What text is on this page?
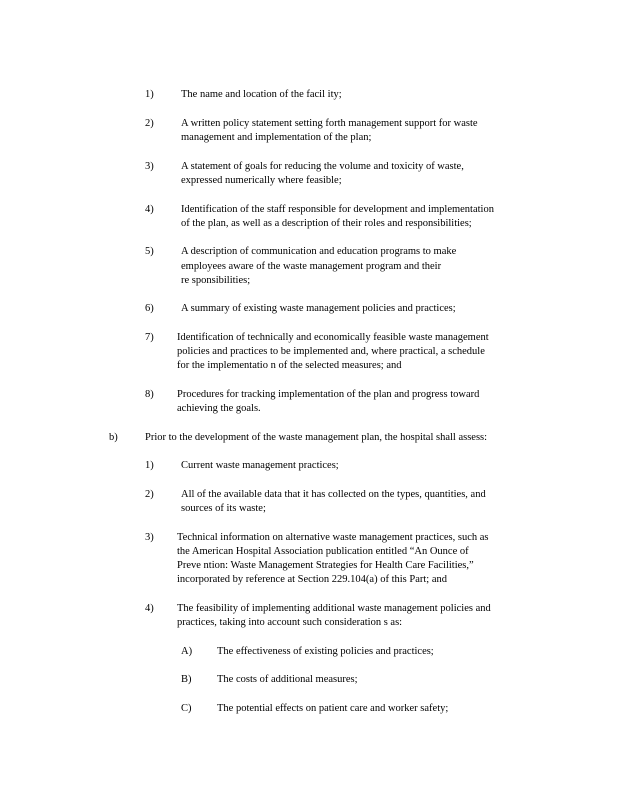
1)	The name and location of the facil ity;
2)	A written policy statement setting forth management support for waste
management and implementation of the plan;
3)	A statement of goals for reducing the volume and toxicity of waste,
expressed numerically where feasible;
4)	Identification of the staff responsible for development and implementation
of the plan, as well as a description of their roles and responsibilities;
5)	A description of communication and education programs to make
employees aware of the waste management program and their
re sponsibilities;
6)	A summary of existing waste management policies and practices;
7) Identification of technically and economically feasible waste management
policies and practices to be implemented and, where practical, a schedule
for the implementatio n of the selected measures; and
8) Procedures for tracking implementation of the plan and progress toward
achieving the goals.
b)	Prior to the development of the waste management plan, the hospital shall assess:
1)	Current waste management practices;
2)	All of the available data that it has collected on the types, quantities, and
sources of its waste;
3) Technical information on alternative waste management practices, such as
the American Hospital Association publication entitled “An Ounce of
Preve ntion: Waste Management Strategies for Health Care Facilities,”
incorporated by reference at Section 229.104(a) of this Part; and
4) The feasibility of implementing additional waste management policies and
practices, taking into account such consideration s as:
A) The effectiveness of existing policies and practices;
B) The costs of additional measures;
C) The potential effects on patient care and worker safety;
